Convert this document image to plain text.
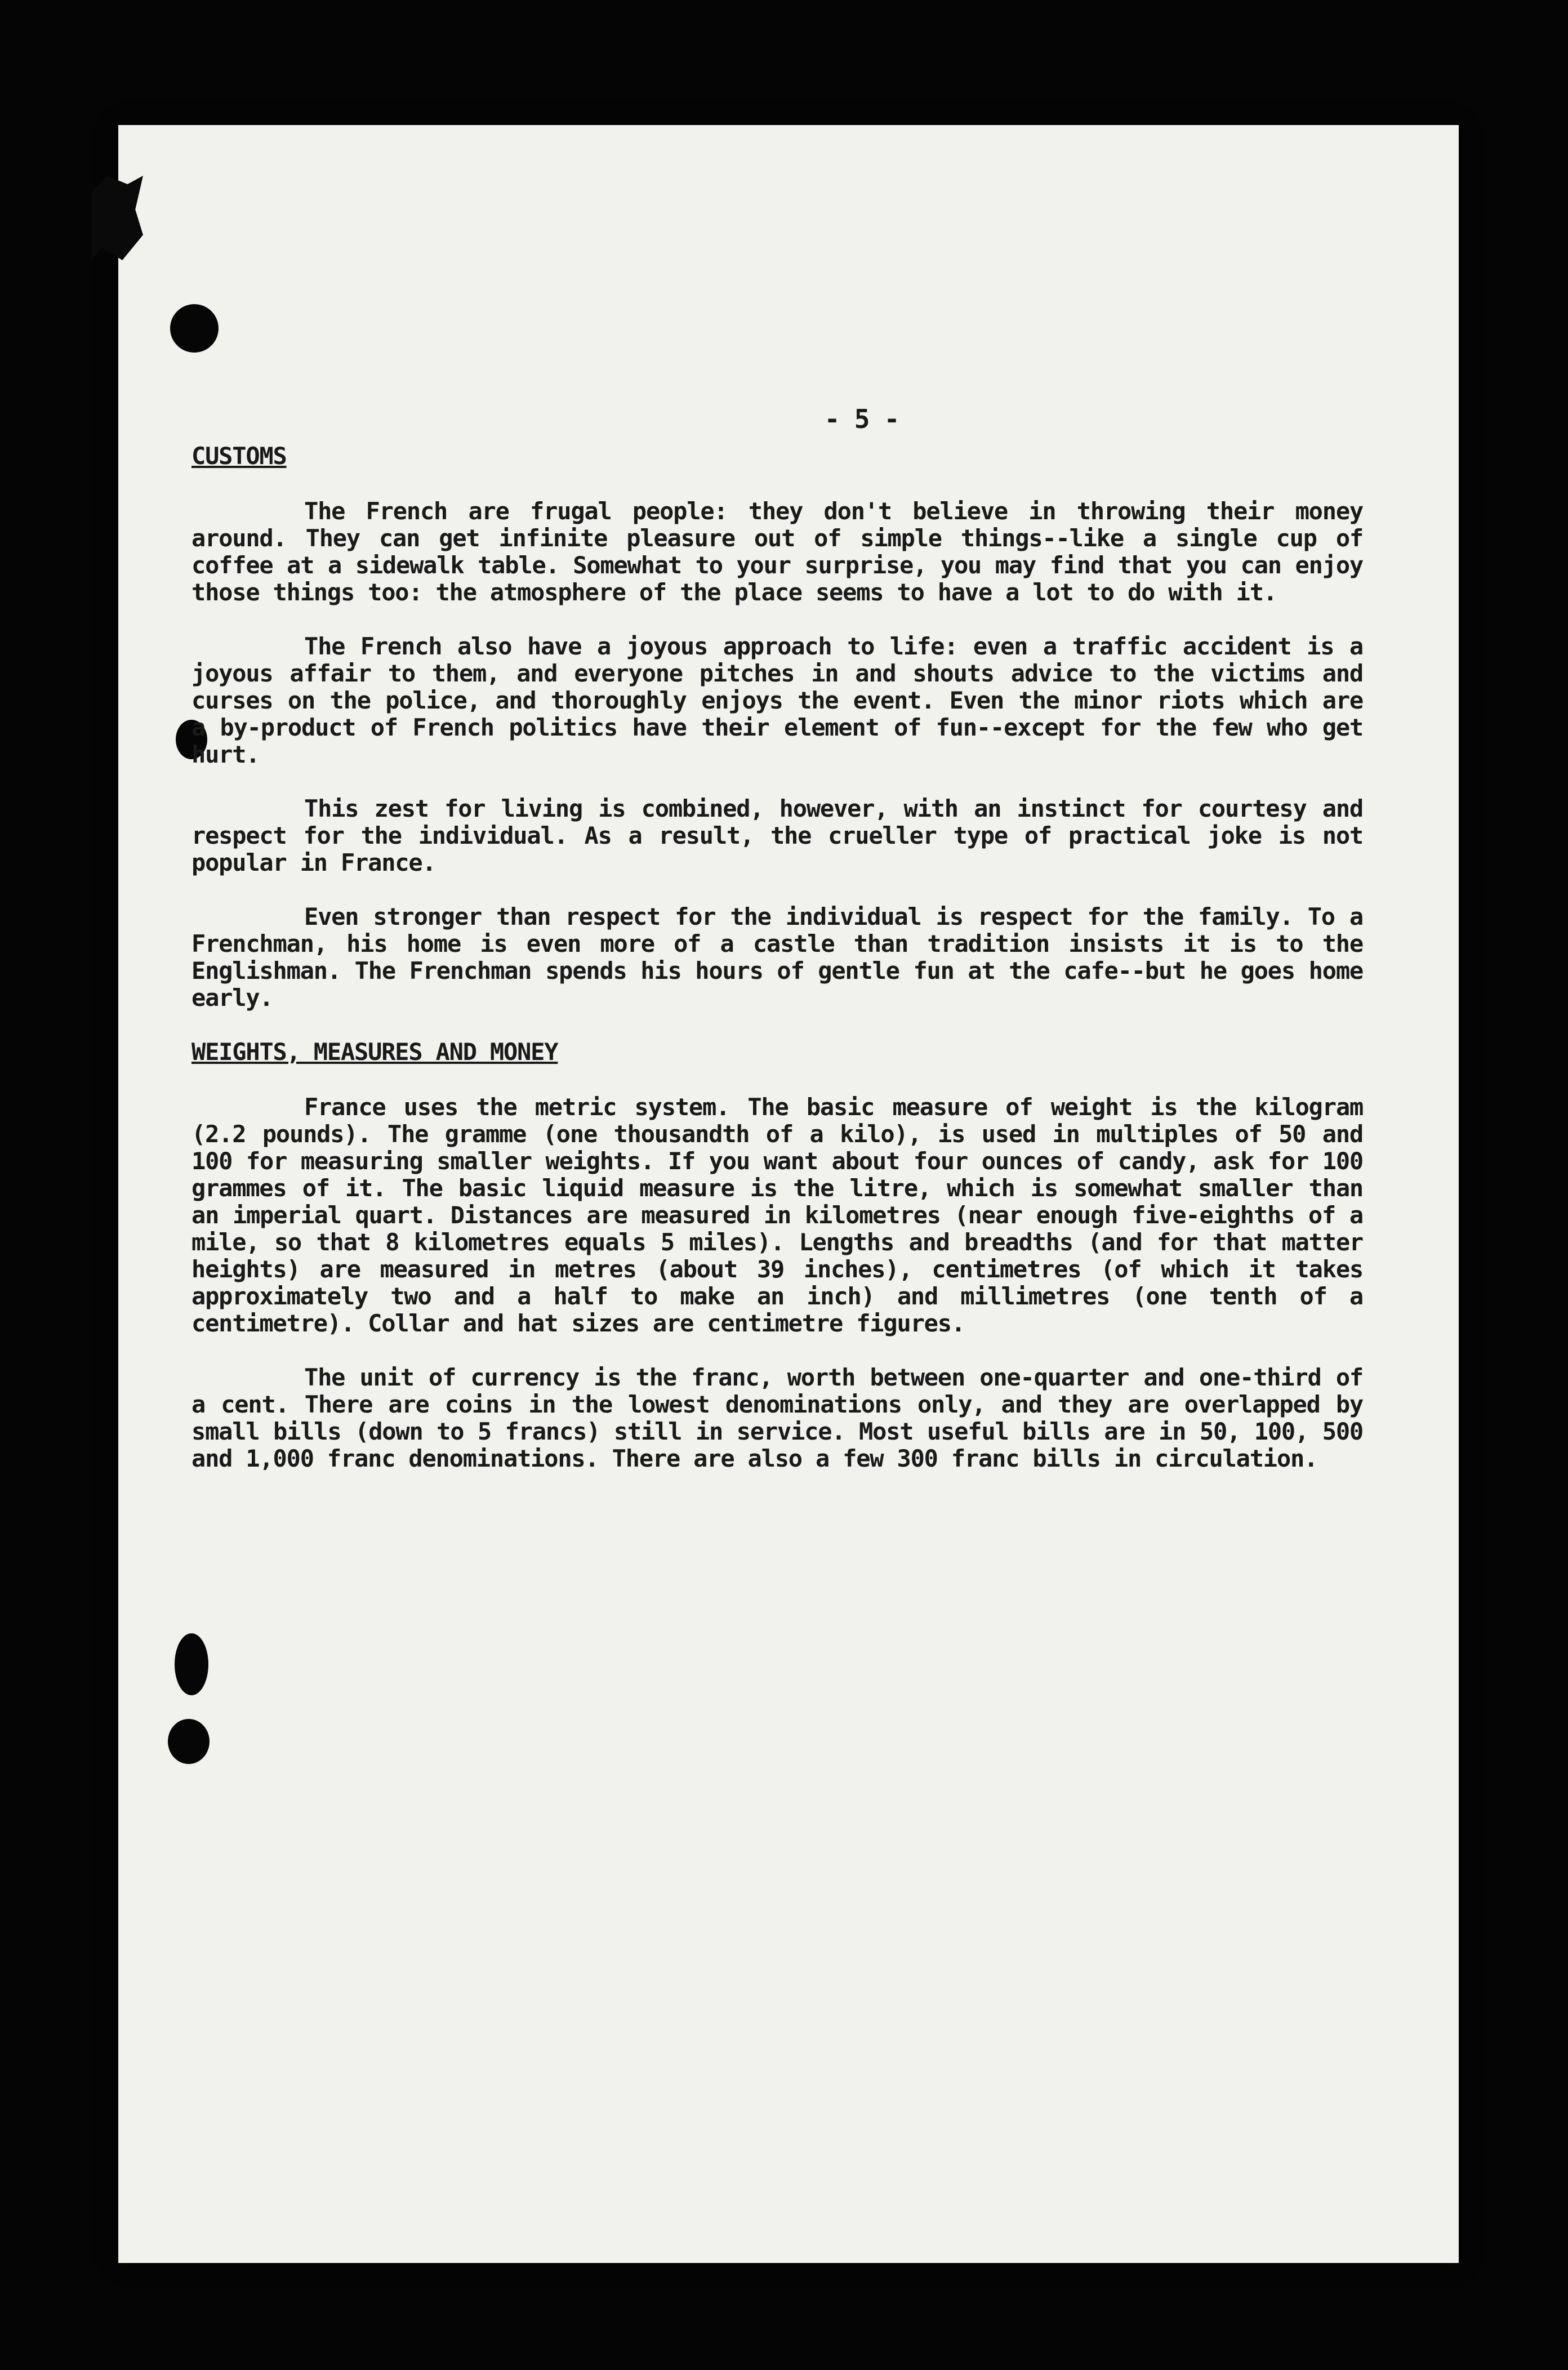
- 5 -
CUSTOMS

The French are frugal people: they don't believe in throwing their money around. They can get infinite pleasure out of simple things--like a single cup of coffee at a sidewalk table. Somewhat to your surprise, you may find that you can enjoy those things too: the atmosphere of the place seems to have a lot to do with it.

The French also have a joyous approach to life: even a traffic accident is a joyous affair to them, and everyone pitches in and shouts advice to the victims and curses on the police, and thoroughly enjoys the event. Even the minor riots which are a by-product of French politics have their element of fun--except for the few who get hurt.

This zest for living is combined, however, with an instinct for courtesy and respect for the individual. As a result, the crueller type of practical joke is not popular in France.

Even stronger than respect for the individual is respect for the family. To a Frenchman, his home is even more of a castle than tradition insists it is to the Englishman. The Frenchman spends his hours of gentle fun at the cafe--but he goes home early.

WEIGHTS, MEASURES AND MONEY

France uses the metric system. The basic measure of weight is the kilogram (2.2 pounds). The gramme (one thousandth of a kilo), is used in multiples of 50 and 100 for measuring smaller weights. If you want about four ounces of candy, ask for 100 grammes of it. The basic liquid measure is the litre, which is somewhat smaller than an imperial quart. Distances are measured in kilometres (near enough five-eighths of a mile, so that 8 kilometres equals 5 miles). Lengths and breadths (and for that matter heights) are measured in metres (about 39 inches), centimetres (of which it takes approximately two and a half to make an inch) and millimetres (one tenth of a centimetre). Collar and hat sizes are centimetre figures.

The unit of currency is the franc, worth between one-quarter and one-third of a cent. There are coins in the lowest denominations only, and they are overlapped by small bills (down to 5 francs) still in service. Most useful bills are in 50, 100, 500 and 1,000 franc denominations. There are also a few 300 franc bills in circulation.
